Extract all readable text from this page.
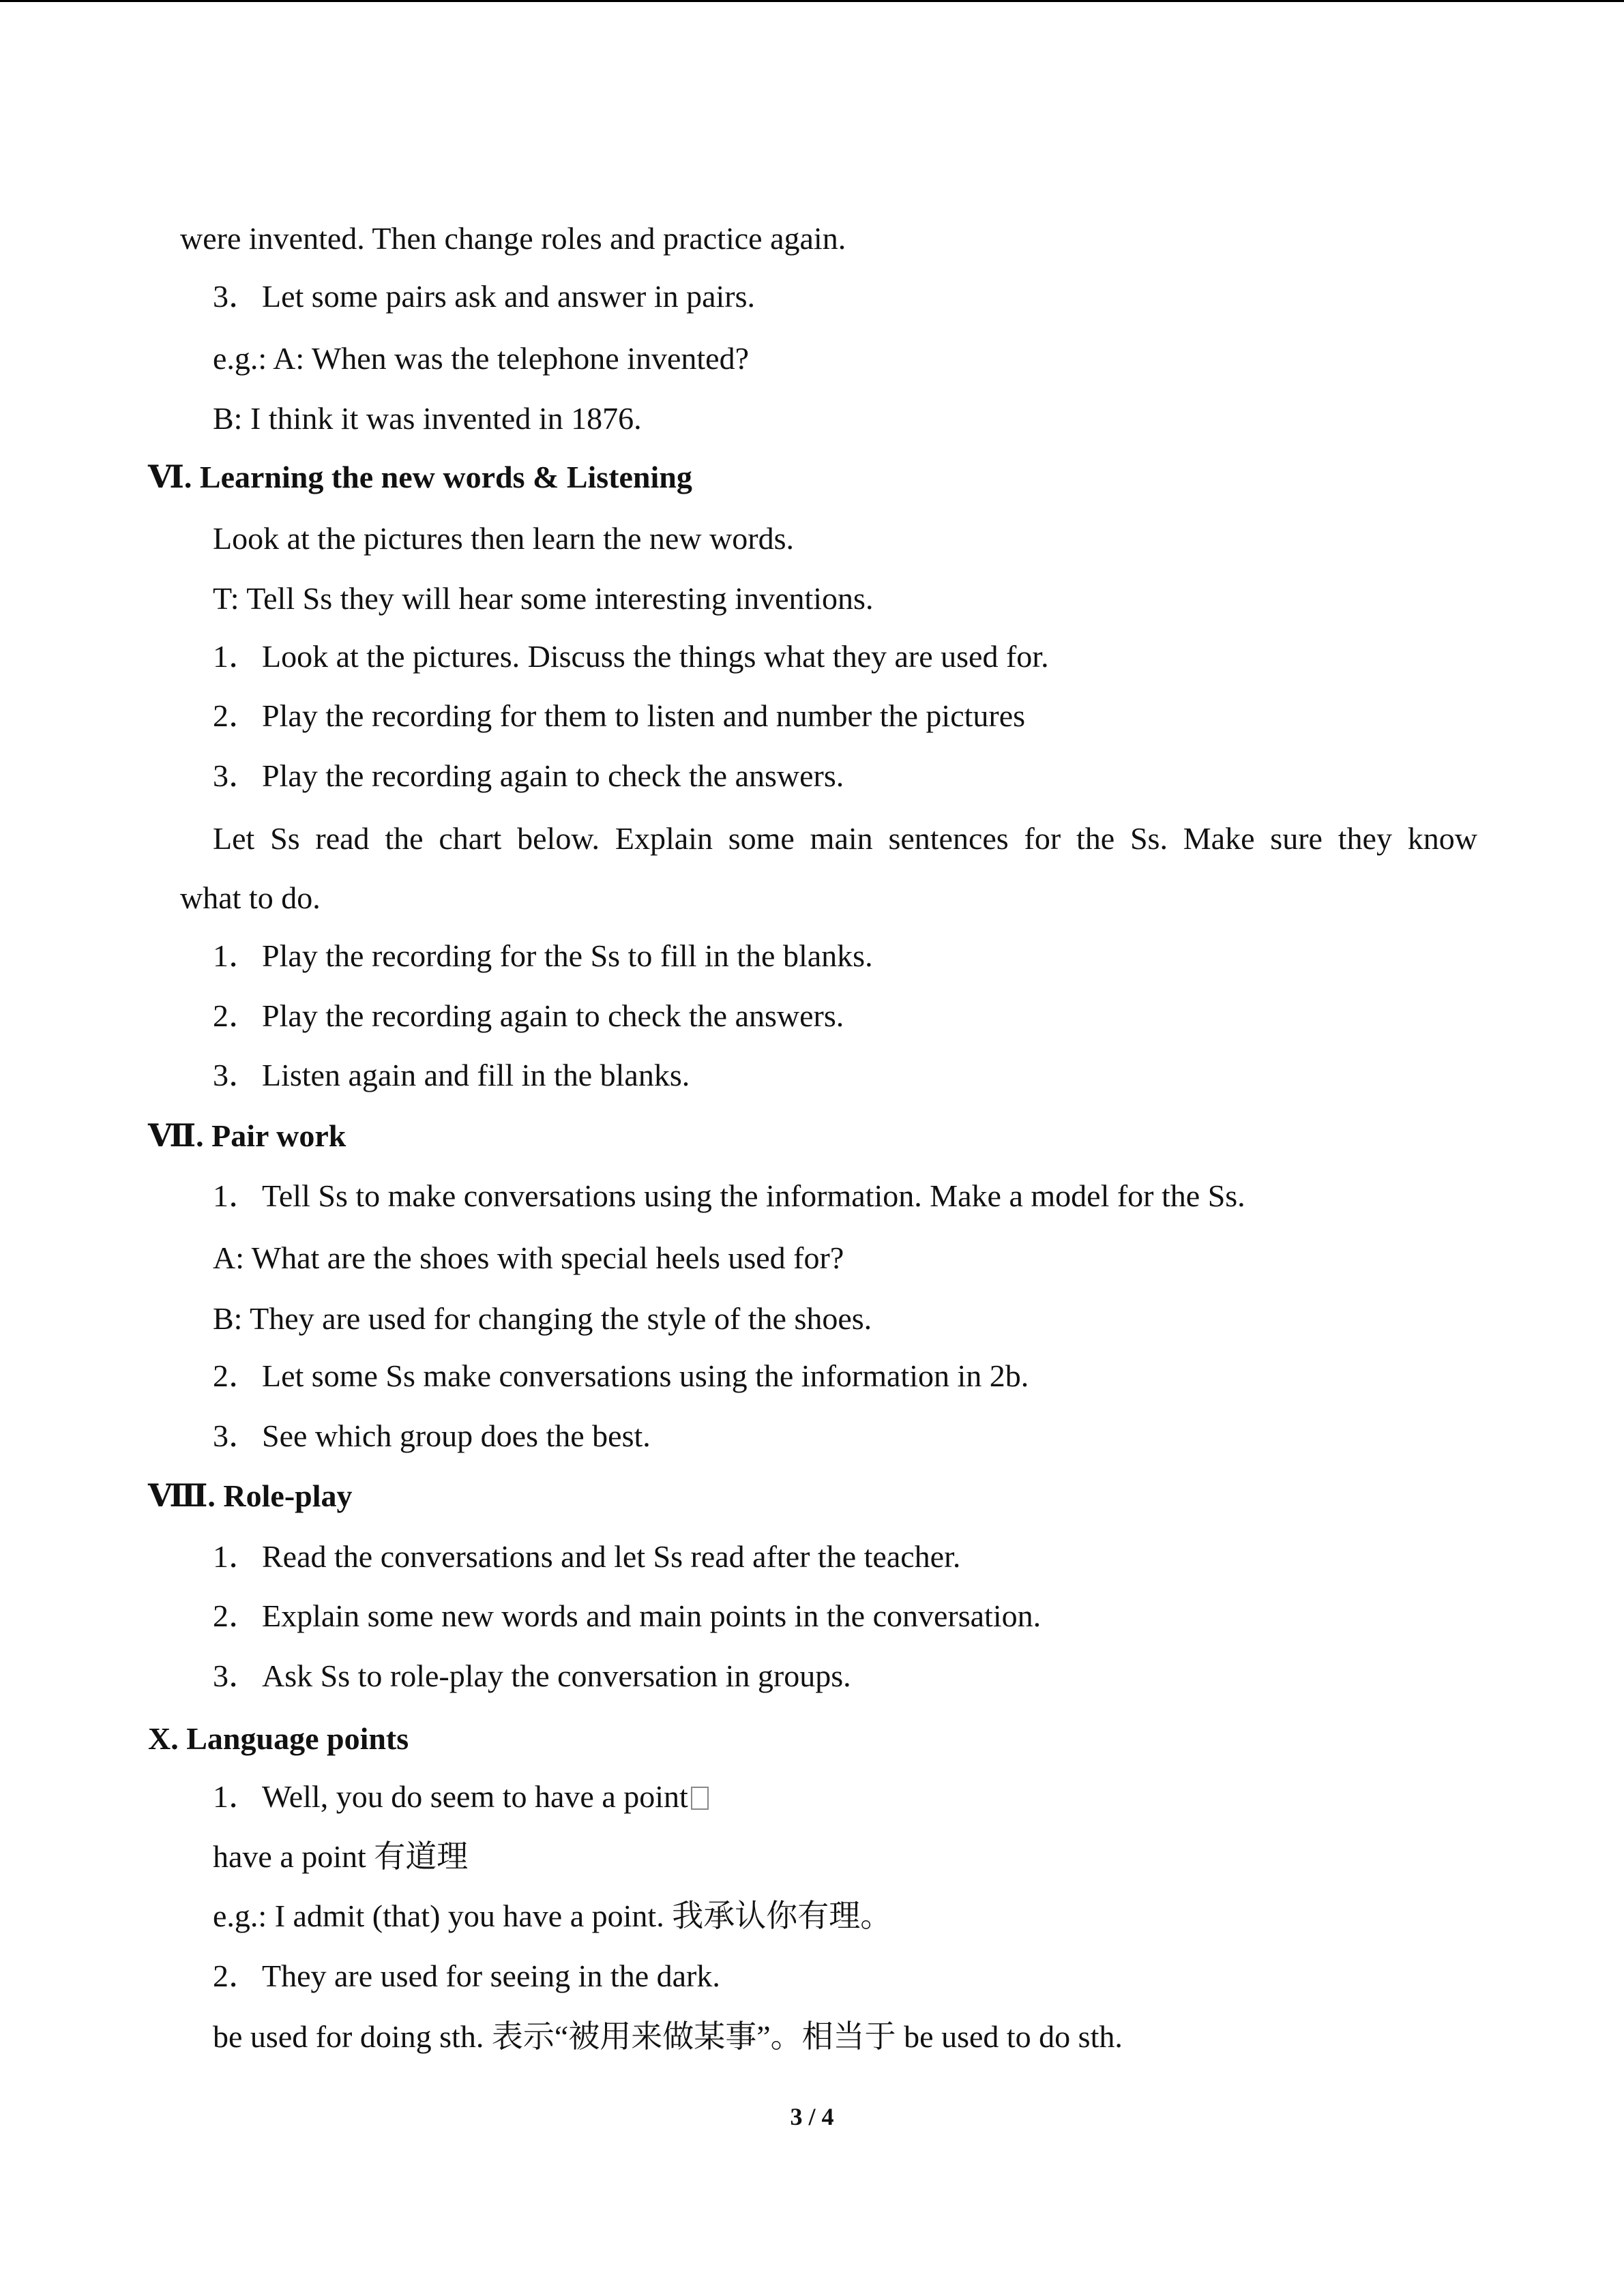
were invented. Then change roles and practice again.
3．Let some pairs ask and answer in pairs.
e.g.: A: When was the telephone invented?
B: I think it was invented in 1876.
Ⅵ. Learning the new words & Listening
Look at the pictures then learn the new words.
T: Tell Ss they will hear some interesting inventions.
1．Look at the pictures. Discuss the things what they are used for.
2．Play the recording for them to listen and number the pictures
3．Play the recording again to check the answers.
Let Ss read the chart below. Explain some main sentences for the Ss. Make sure they know
what to do.
1．Play the recording for the Ss to fill in the blanks.
2．Play the recording again to check the answers.
3．Listen again and fill in the blanks.
Ⅶ. Pair work
1．Tell Ss to make conversations using the information. Make a model for the Ss.
A: What are the shoes with special heels used for?
B: They are used for changing the style of the shoes.
2．Let some Ss make conversations using the information in 2b.
3．See which group does the best.
Ⅷ. Role-play
1．Read the conversations and let Ss read after the teacher.
2．Explain some new words and main points in the conversation.
3．Ask Ss to role-play the conversation in groups.
X. Language points
1．Well, you do seem to have a point
have a point 有道理
e.g.: I admit (that) you have a point. 我承认你有理。
2．They are used for seeing in the dark.
be used for doing sth. 表示“被用来做某事”。相当于 be used to do sth.
3 / 4
